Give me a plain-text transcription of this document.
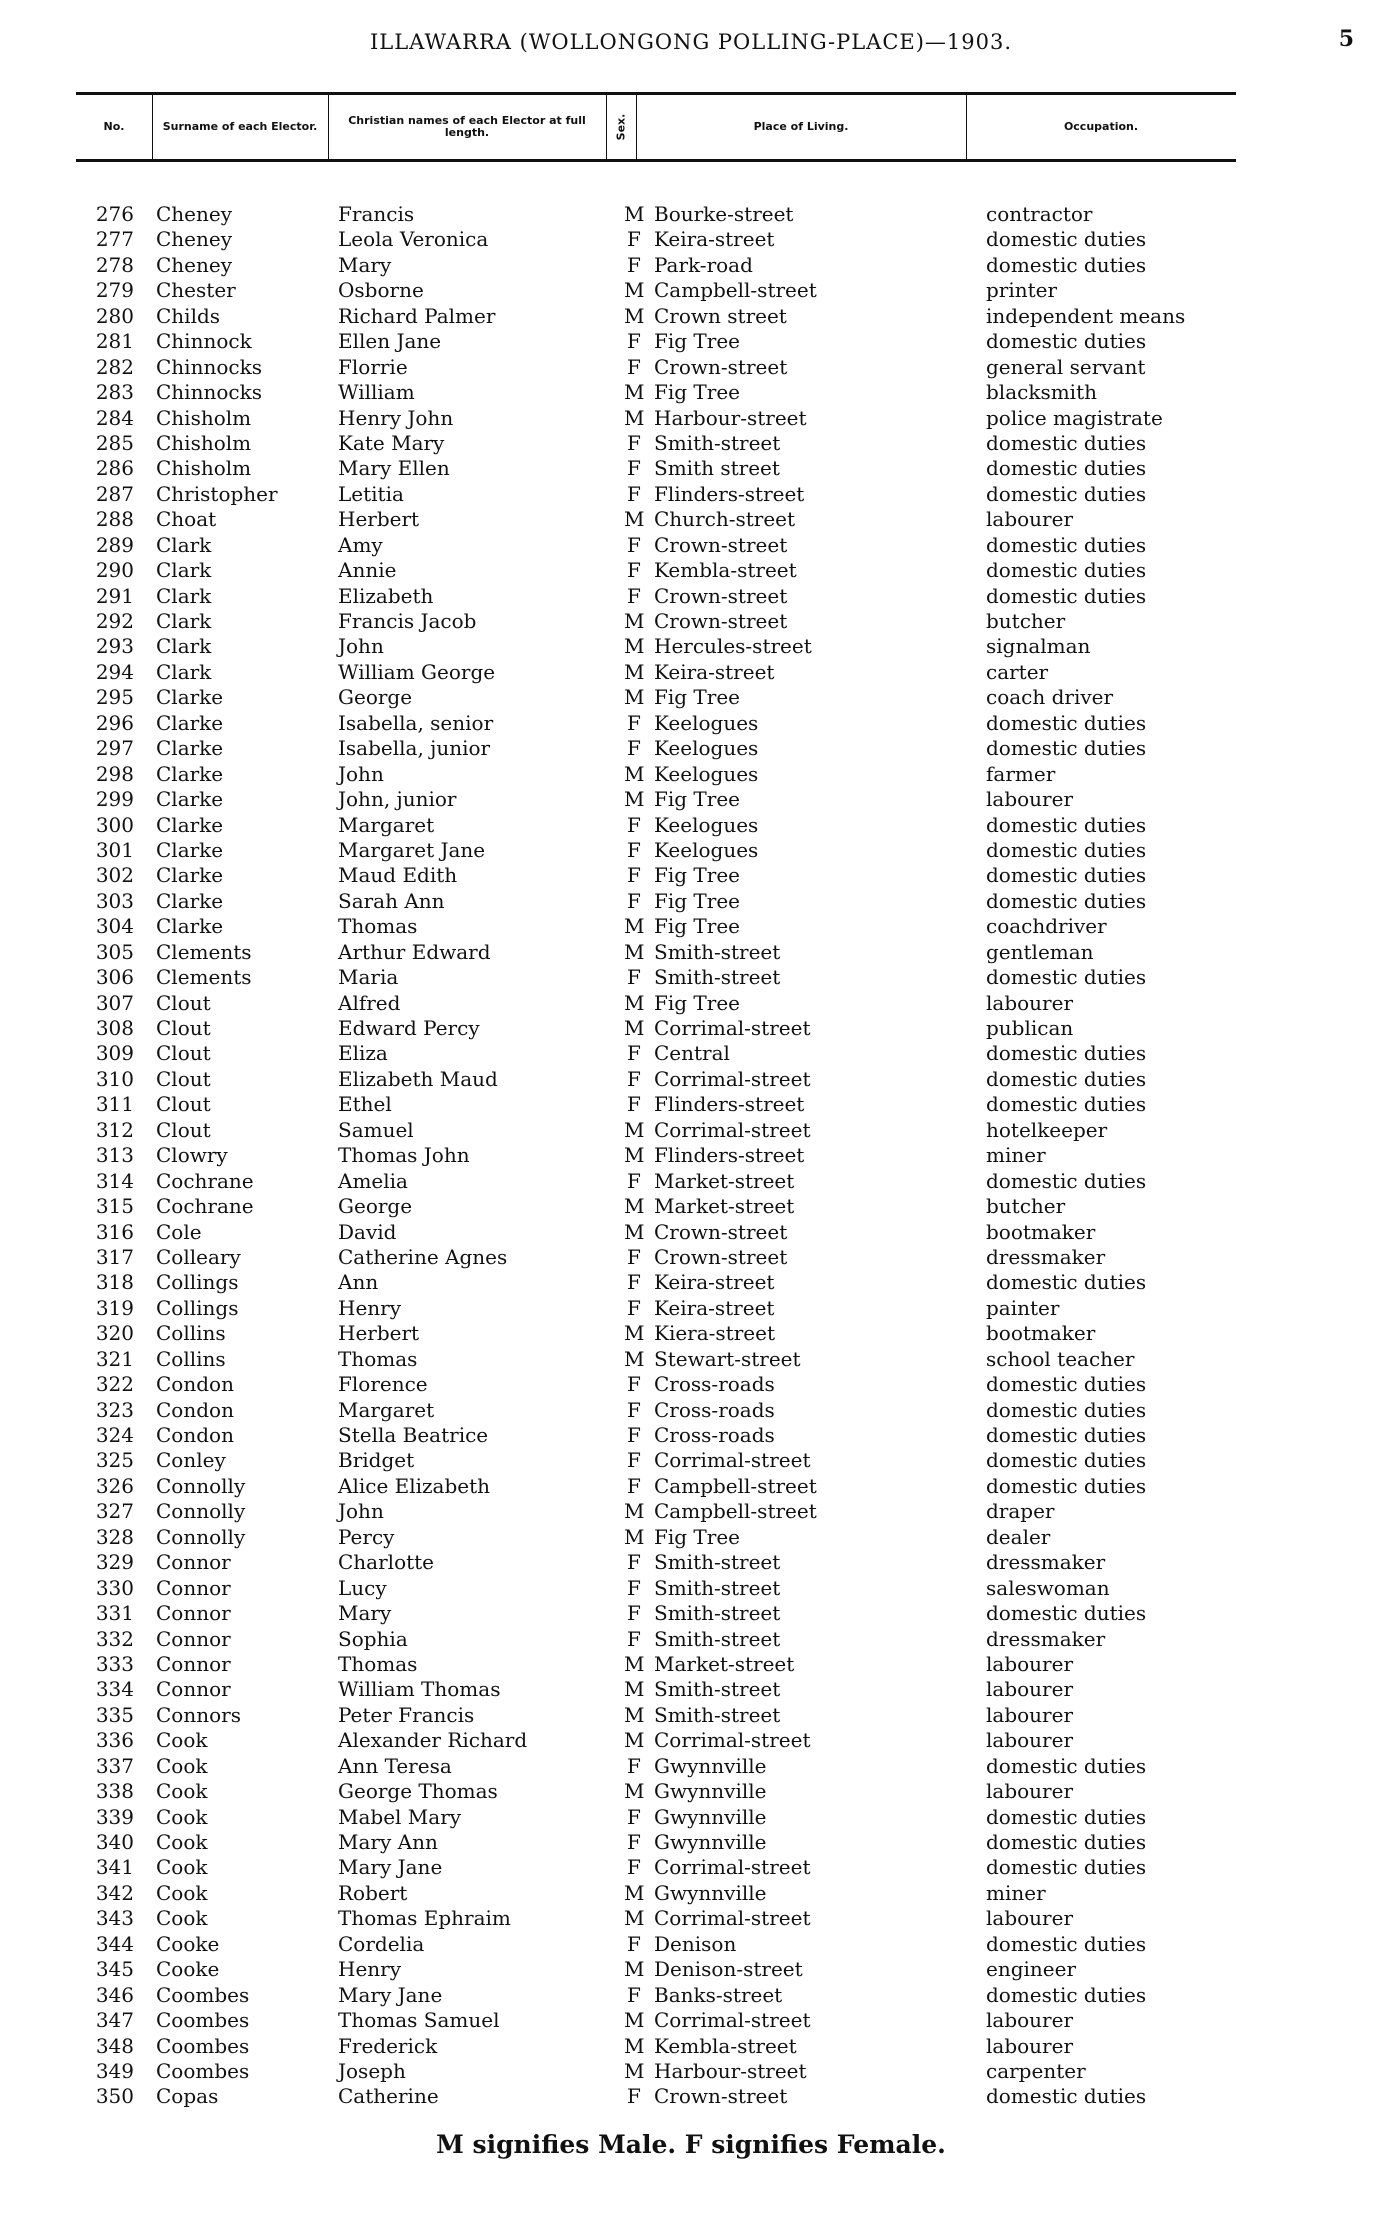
ILLAWARRA (WOLLONGONG POLLING-PLACE)—1903.	5
No.	Surname of each Elector.	Christian names of each Elector at full length.	Sex.	Place of Living.	Occupation.
276 Cheney	Francis	M Bourke-street	contractor
277 Cheney	Leola Veronica	F Keira-street	domestic duties
278 Cheney	Mary	F Park-road	domestic duties
279 Chester	Osborne	M Campbell-street	printer
280 Childs	Richard Palmer	M Crown street	independent means
281 Chinnock	Ellen Jane	F Fig Tree	domestic duties
282 Chinnocks	Florrie	F Crown-street	general servant
283 Chinnocks	William	M Fig Tree	blacksmith
284 Chisholm	Henry John	M Harbour-street	police magistrate
285 Chisholm	Kate Mary	F Smith-street	domestic duties
286 Chisholm	Mary Ellen	F Smith street	domestic duties
287 Christopher	Letitia	F Flinders-street	domestic duties
288 Choat	Herbert	M Church-street	labourer
289 Clark	Amy	F Crown-street	domestic duties
290 Clark	Annie	F Kembla-street	domestic duties
291 Clark	Elizabeth	F Crown-street	domestic duties
292 Clark	Francis Jacob	M Crown-street	butcher
293 Clark	John	M Hercules-street	signalman
294 Clark	William George	M Keira-street	carter
295 Clarke	George	M Fig Tree	coach driver
296 Clarke	Isabella, senior	F Keelogues	domestic duties
297 Clarke	Isabella, junior	F Keelogues	domestic duties
298 Clarke	John	M Keelogues	farmer
299 Clarke	John, junior	M Fig Tree	labourer
300 Clarke	Margaret	F Keelogues	domestic duties
301 Clarke	Margaret Jane	F Keelogues	domestic duties
302 Clarke	Maud Edith	F Fig Tree	domestic duties
303 Clarke	Sarah Ann	F Fig Tree	domestic duties
304 Clarke	Thomas	M Fig Tree	coachdriver
305 Clements	Arthur Edward	M Smith-street	gentleman
306 Clements	Maria	F Smith-street	domestic duties
307 Clout	Alfred	M Fig Tree	labourer
308 Clout	Edward Percy	M Corrimal-street	publican
309 Clout	Eliza	F Central	domestic duties
310 Clout	Elizabeth Maud	F Corrimal-street	domestic duties
311 Clout	Ethel	F Flinders-street	domestic duties
312 Clout	Samuel	M Corrimal-street	hotelkeeper
313 Clowry	Thomas John	M Flinders-street	miner
314 Cochrane	Amelia	F Market-street	domestic duties
315 Cochrane	George	M Market-street	butcher
316 Cole	David	M Crown-street	bootmaker
317 Colleary	Catherine Agnes	F Crown-street	dressmaker
318 Collings	Ann	F Keira-street	domestic duties
319 Collings	Henry	F Keira-street	painter
320 Collins	Herbert	M Kiera-street	bootmaker
321 Collins	Thomas	M Stewart-street	school teacher
322 Condon	Florence	F Cross-roads	domestic duties
323 Condon	Margaret	F Cross-roads	domestic duties
324 Condon	Stella Beatrice	F Cross-roads	domestic duties
325 Conley	Bridget	F Corrimal-street	domestic duties
326 Connolly	Alice Elizabeth	F Campbell-street	domestic duties
327 Connolly	John	M Campbell-street	draper
328 Connolly	Percy	M Fig Tree	dealer
329 Connor	Charlotte	F Smith-street	dressmaker
330 Connor	Lucy	F Smith-street	saleswoman
331 Connor	Mary	F Smith-street	domestic duties
332 Connor	Sophia	F Smith-street	dressmaker
333 Connor	Thomas	M Market-street	labourer
334 Connor	William Thomas	M Smith-street	labourer
335 Connors	Peter Francis	M Smith-street	labourer
336 Cook	Alexander Richard	M Corrimal-street	labourer
337 Cook	Ann Teresa	F Gwynnville	domestic duties
338 Cook	George Thomas	M Gwynnville	labourer
339 Cook	Mabel Mary	F Gwynnville	domestic duties
340 Cook	Mary Ann	F Gwynnville	domestic duties
341 Cook	Mary Jane	F Corrimal-street	domestic duties
342 Cook	Robert	M Gwynnville	miner
343 Cook	Thomas Ephraim	M Corrimal-street	labourer
344 Cooke	Cordelia	F Denison	domestic duties
345 Cooke	Henry	M Denison-street	engineer
346 Coombes	Mary Jane	F Banks-street	domestic duties
347 Coombes	Thomas Samuel	M Corrimal-street	labourer
348 Coombes	Frederick	M Kembla-street	labourer
349 Coombes	Joseph	M Harbour-street	carpenter
350 Copas	Catherine	F Crown-street	domestic duties
M signifies Male. F signifies Female.
